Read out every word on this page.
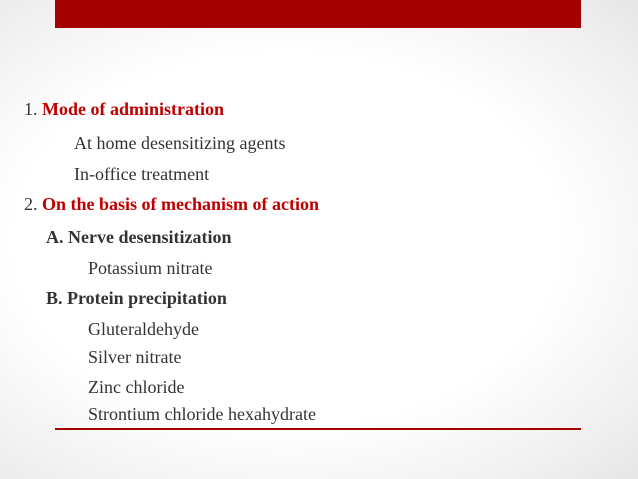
1. Mode of administration
At home desensitizing agents
In-office treatment
2. On the basis of mechanism of action
A. Nerve desensitization
Potassium nitrate
B. Protein precipitation
Gluteraldehyde
Silver nitrate
Zinc chloride
Strontium chloride hexahydrate
